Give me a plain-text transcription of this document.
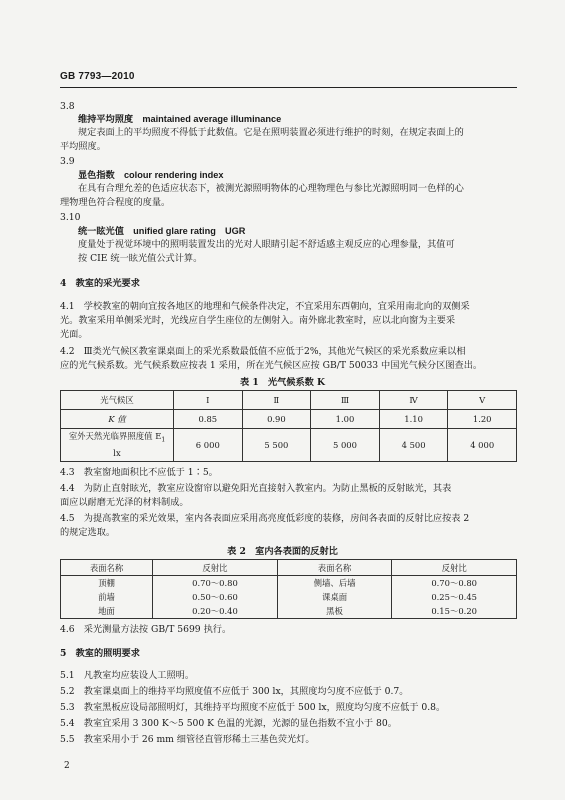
GB 7793—2010
3.8
维持平均照度　 maintained average illuminance
规定表面上的平均照度不得低于此数值。它是在照明装置必须进行维护的时刻，在规定表面上的
平均照度。
3.9
显色指数　 colour rendering index
在具有合理允差的色适应状态下，被测光源照明物体的心理物理色与参比光源照明同一色样的心
理物理色符合程度的度量。
3.10
统一眩光值　 unified glare rating　UGR
度量处于视觉环境中的照明装置发出的光对人眼睛引起不舒适感主观反应的心理参量，其值可
按 CIE 统一眩光值公式计算。
4　教室的采光要求
4.1　学校教室的朝向宜按各地区的地理和气候条件决定，不宜采用东西朝向，宜采用南北向的双侧采
光。教室采用单侧采光时，光线应自学生座位的左侧射入。南外廊北教室时，应以北向窗为主要采
光面。
4.2　Ⅲ类光气候区教室课桌面上的采光系数最低值不应低于2%，其他光气候区的采光系数应乘以相
应的光气候系数。光气候系数应按表 1 采用，所在光气候区应按 GB/T 50033 中国光气候分区图查出。
表 1　光气候系数 K
光气候区	Ⅰ	Ⅱ	Ⅲ	Ⅳ	Ⅴ
K 值	0.85	0.90	1.00	1.10	1.20
室外天然光临界照度值 $E_1$
lx	6 000	5 500	5 000	4 500	4 000
4.3　教室窗地面积比不应低于 1∶5。
4.4　为防止直射眩光，教室应设窗帘以避免阳光直接射入教室内。为防止黑板的反射眩光，其表
面应以耐磨无光泽的材料制成。
4.5　为提高教室的采光效果，室内各表面应采用高亮度低彩度的装修，房间各表面的反射比应按表 2
的规定选取。
表 2　室内各表面的反射比
表面名称	反射比	表面名称	反射比
顶棚	0.70～0.80	侧墙、后墙	0.70～0.80
前墙	0.50～0.60	课桌面	0.25～0.45
地面	0.20～0.40	黑板	0.15～0.20
4.6　采光测量方法按 GB/T 5699 执行。
5　教室的照明要求
5.1　凡教室均应装设人工照明。
5.2　教室课桌面上的维持平均照度值不应低于 300 lx，其照度均匀度不应低于 0.7。
5.3　教室黑板应设局部照明灯，其维持平均照度不应低于 500 lx，照度均匀度不应低于 0.8。
5.4　教室宜采用 3 300 K～5 500 K 色温的光源，光源的显色指数不宜小于 80。
5.5　教室采用小于 26 mm 细管径直管形稀土三基色荧光灯。
2
